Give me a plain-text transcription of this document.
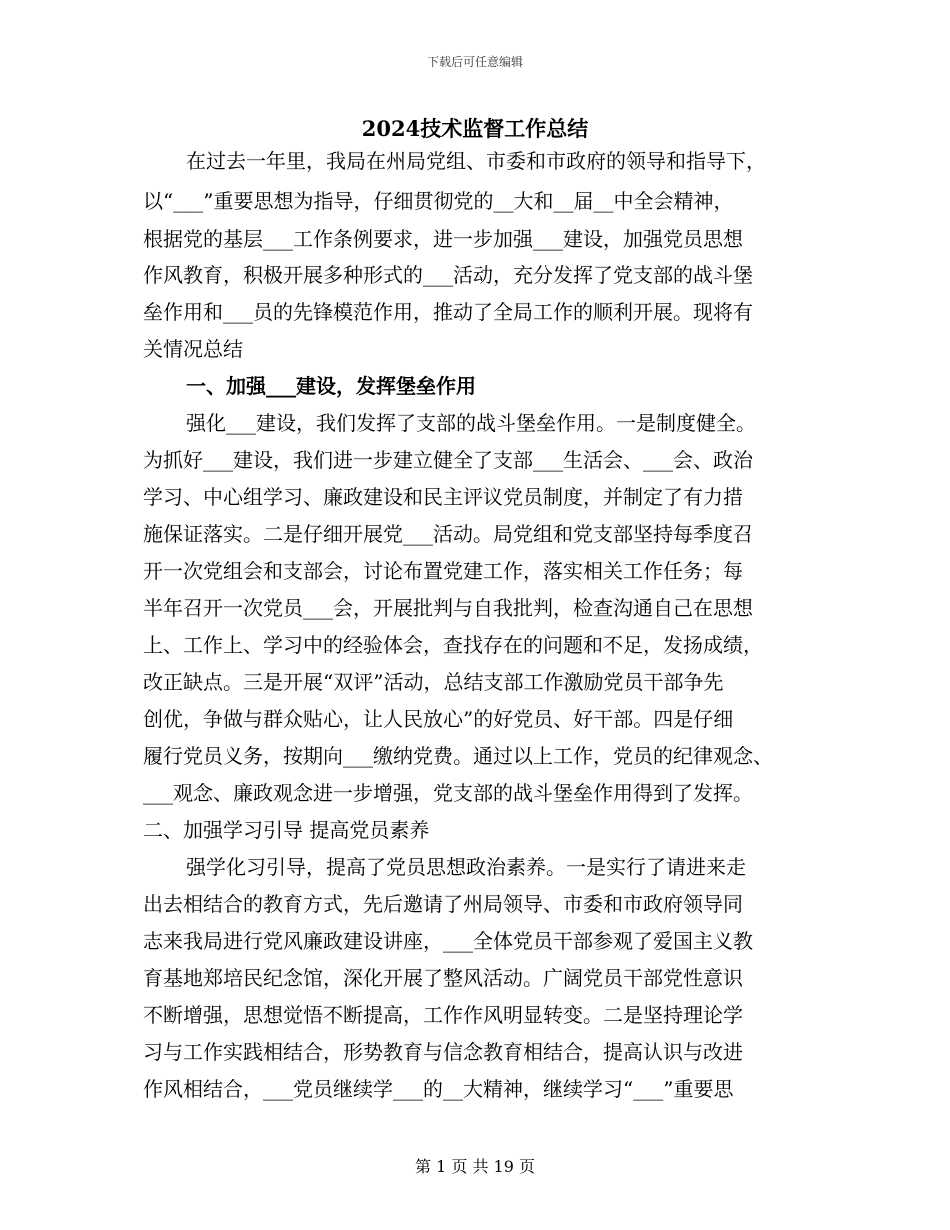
下载后可任意编辑
2024技术监督工作总结
在过去一年里，我局在州局党组、市委和市政府的领导和指导下，
以“___”重要思想为指导，仔细贯彻党的__大和__届__中全会精神，
根据党的基层___工作条例要求，进一步加强___建设，加强党员思想
作风教育，积极开展多种形式的___活动，充分发挥了党支部的战斗堡
垒作用和___员的先锋模范作用，推动了全局工作的顺利开展。现将有
关情况总结
一、加强___建设，发挥堡垒作用
强化___建设，我们发挥了支部的战斗堡垒作用。一是制度健全。
为抓好___建设，我们进一步建立健全了支部___生活会、___会、政治
学习、中心组学习、廉政建设和民主评议党员制度，并制定了有力措
施保证落实。二是仔细开展党___活动。局党组和党支部坚持每季度召
开一次党组会和支部会，讨论布置党建工作，落实相关工作任务；每
半年召开一次党员___会，开展批判与自我批判，检查沟通自己在思想
上、工作上、学习中的经验体会，查找存在的问题和不足，发扬成绩，
改正缺点。三是开展“双评”活动，总结支部工作激励党员干部争先
创优，争做与群众贴心，让人民放心”的好党员、好干部。四是仔细
履行党员义务，按期向___缴纳党费。通过以上工作，党员的纪律观念、
___观念、廉政观念进一步增强，党支部的战斗堡垒作用得到了发挥。
二、加强学习引导 提高党员素养
强学化习引导，提高了党员思想政治素养。一是实行了请进来走
出去相结合的教育方式，先后邀请了州局领导、市委和市政府领导同
志来我局进行党风廉政建设讲座，___全体党员干部参观了爱国主义教
育基地郑培民纪念馆，深化开展了整风活动。广阔党员干部党性意识
不断增强，思想觉悟不断提高，工作作风明显转变。二是坚持理论学
习与工作实践相结合，形势教育与信念教育相结合，提高认识与改进
作风相结合，___党员继续学___的__大精神，继续学习“___”重要思
第 1 页 共 19 页
